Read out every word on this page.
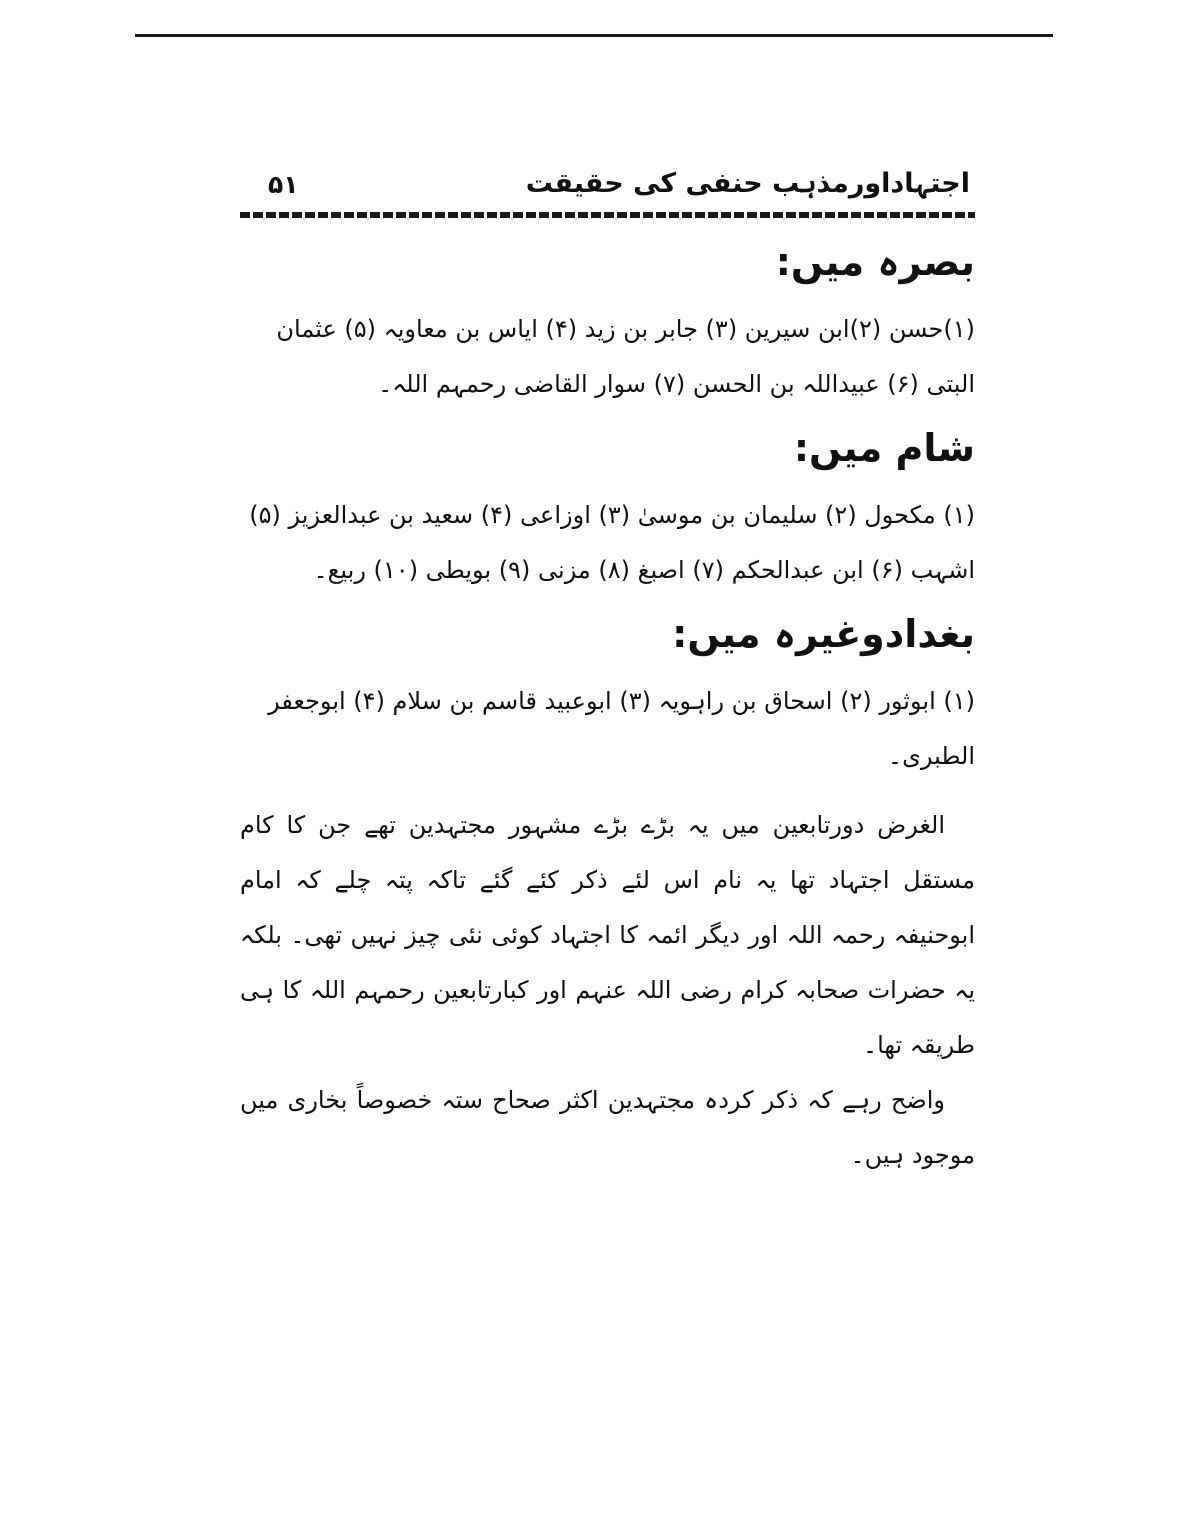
اجتہاداورمذہب حنفی کی حقیقت
۵۱
بصرہ میں:

(۱)حسن (۲)ابن سیرین (۳) جابر بن زید (۴) ایاس بن معاویہ (۵) عثمان البتی (۶) عبیداللہ بن الحسن (۷) سوار القاضی رحمہم اللہ۔

شام میں:

(۱) مکحول (۲) سلیمان بن موسیٰ (۳) اوزاعی (۴) سعید بن عبدالعزیز (۵) اشہب (۶) ابن عبدالحکم (۷) اصبغ (۸) مزنی (۹) بویطی (۱۰) ربیع۔

بغدادوغیرہ میں:

(۱) ابوثور (۲) اسحاق بن راہویہ (۳) ابوعبید قاسم بن سلام (۴) ابوجعفر الطبری۔

الغرض دورتابعین میں یہ بڑے بڑے مشہور مجتہدین تھے جن کا کام مستقل اجتہاد تھا یہ نام اس لئے ذکر کئے گئے تاکہ پتہ چلے کہ امام ابوحنیفہ رحمہ اللہ اور دیگر ائمہ کا اجتہاد کوئی نئی چیز نہیں تھی۔ بلکہ یہ حضرات صحابہ کرام رضی اللہ عنہم اور کبارتابعین رحمہم اللہ کا ہی طریقہ تھا۔

واضح رہے کہ ذکر کردہ مجتہدین اکثر صحاح ستہ خصوصاً بخاری میں موجود ہیں۔
